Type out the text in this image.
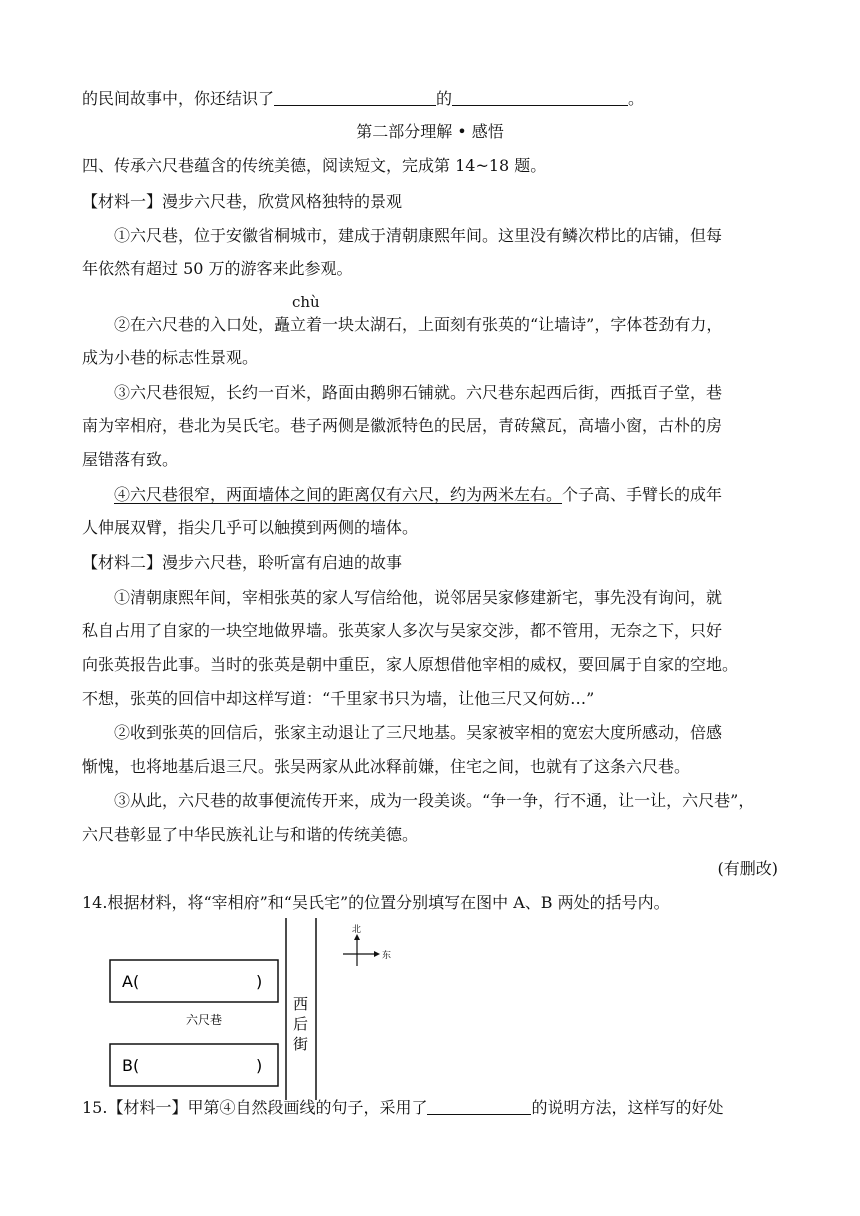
的民间故事中，你还结识了	的	。
第二部分理解 • 感悟
四、传承六尺巷蕴含的传统美德，阅读短文，完成第 14~18 题。
【材料一】漫步六尺巷，欣赏风格独特的景观
①六尺巷，位于安徽省桐城市，建成于清朝康熙年间。这里没有鳞次栉比的店铺，但每
年依然有超过 50 万的游客来此参观。
chù
②在六尺巷的入口处，矗立着一块太湖石，上面刻有张英的“让墙诗”，字体苍劲有力，
成为小巷的标志性景观。
③六尺巷很短，长约一百米，路面由鹅卵石铺就。六尺巷东起西后街，西抵百子堂，巷
南为宰相府，巷北为吴氏宅。巷子两侧是徽派特色的民居，青砖黛瓦，高墙小窗，古朴的房
屋错落有致。
④六尺巷很窄，两面墙体之间的距离仅有六尺，约为两米左右。个子高、手臂长的成年
人伸展双臂，指尖几乎可以触摸到两侧的墙体。
【材料二】漫步六尺巷，聆听富有启迪的故事
①清朝康熙年间，宰相张英的家人写信给他，说邻居吴家修建新宅，事先没有询问，就
私自占用了自家的一块空地做界墙。张英家人多次与吴家交涉，都不管用，无奈之下，只好
向张英报告此事。当时的张英是朝中重臣，家人原想借他宰相的威权，要回属于自家的空地。
不想，张英的回信中却这样写道：“千里家书只为墙，让他三尺又何妨…”
②收到张英的回信后，张家主动退让了三尺地基。吴家被宰相的宽宏大度所感动，倍感
惭愧，也将地基后退三尺。张吴两家从此冰释前嫌，住宅之间，也就有了这条六尺巷。
③从此，六尺巷的故事便流传开来，成为一段美谈。“争一争，行不通，让一让，六尺巷”，
六尺巷彰显了中华民族礼让与和谐的传统美德。
(有删改)
14.根据材料，将“宰相府”和“吴氏宅”的位置分别填写在图中 A、B 两处的括号内。
A(	)
六尺巷
B(	)
西
后
街
北
东
15.【材料一】甲第④自然段画线的句子，采用了	的说明方法，这样写的好处
